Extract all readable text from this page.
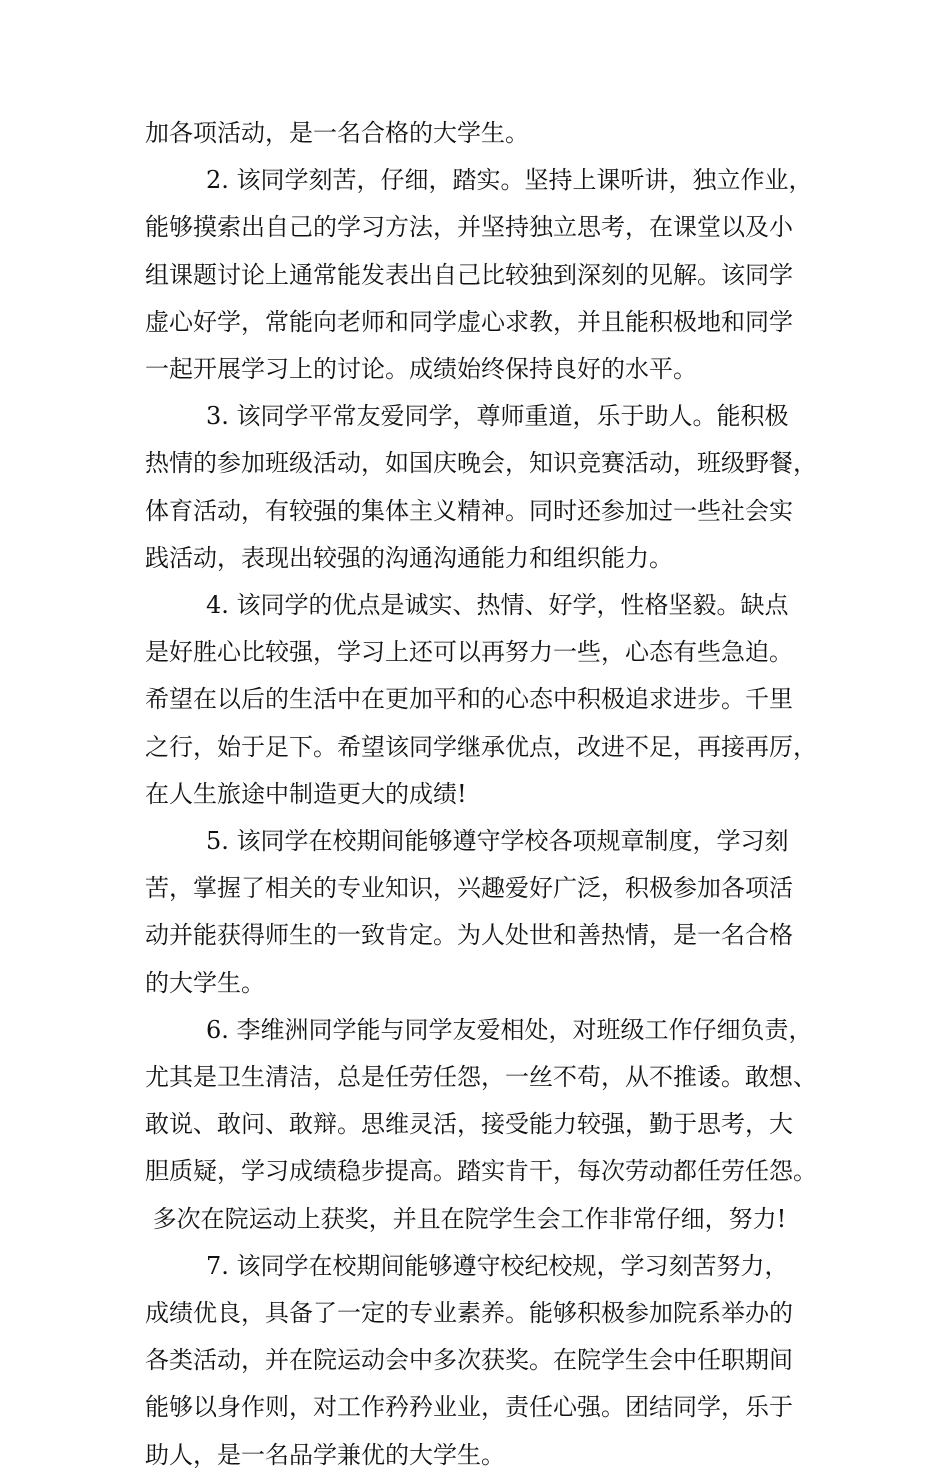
加各项活动，是一名合格的大学生。

2. 该同学刻苦，仔细，踏实。坚持上课听讲，独立作业，

能够摸索出自己的学习方法，并坚持独立思考，在课堂以及小

组课题讨论上通常能发表出自己比较独到深刻的见解。该同学

虚心好学，常能向老师和同学虚心求教，并且能积极地和同学

一起开展学习上的讨论。成绩始终保持良好的水平。

3. 该同学平常友爱同学，尊师重道，乐于助人。能积极

热情的参加班级活动，如国庆晚会，知识竞赛活动，班级野餐，

体育活动，有较强的集体主义精神。同时还参加过一些社会实

践活动，表现出较强的沟通沟通能力和组织能力。

4. 该同学的优点是诚实、热情、好学，性格坚毅。缺点

是好胜心比较强，学习上还可以再努力一些，心态有些急迫。

希望在以后的生活中在更加平和的心态中积极追求进步。千里

之行，始于足下。希望该同学继承优点，改进不足，再接再厉，

在人生旅途中制造更大的成绩!

5. 该同学在校期间能够遵守学校各项规章制度，学习刻

苦，掌握了相关的专业知识，兴趣爱好广泛，积极参加各项活

动并能获得师生的一致肯定。为人处世和善热情，是一名合格

的大学生。

6. 李维洲同学能与同学友爱相处，对班级工作仔细负责，

尤其是卫生清洁，总是任劳任怨，一丝不苟，从不推诿。敢想、

敢说、敢问、敢辩。思维灵活，接受能力较强，勤于思考，大

胆质疑，学习成绩稳步提高。踏实肯干，每次劳动都任劳任怨。

多次在院运动上获奖，并且在院学生会工作非常仔细，努力!

7. 该同学在校期间能够遵守校纪校规，学习刻苦努力，

成绩优良，具备了一定的专业素养。能够积极参加院系举办的

各类活动，并在院运动会中多次获奖。在院学生会中任职期间

能够以身作则，对工作矜矜业业，责任心强。团结同学，乐于

助人，是一名品学兼优的大学生。
